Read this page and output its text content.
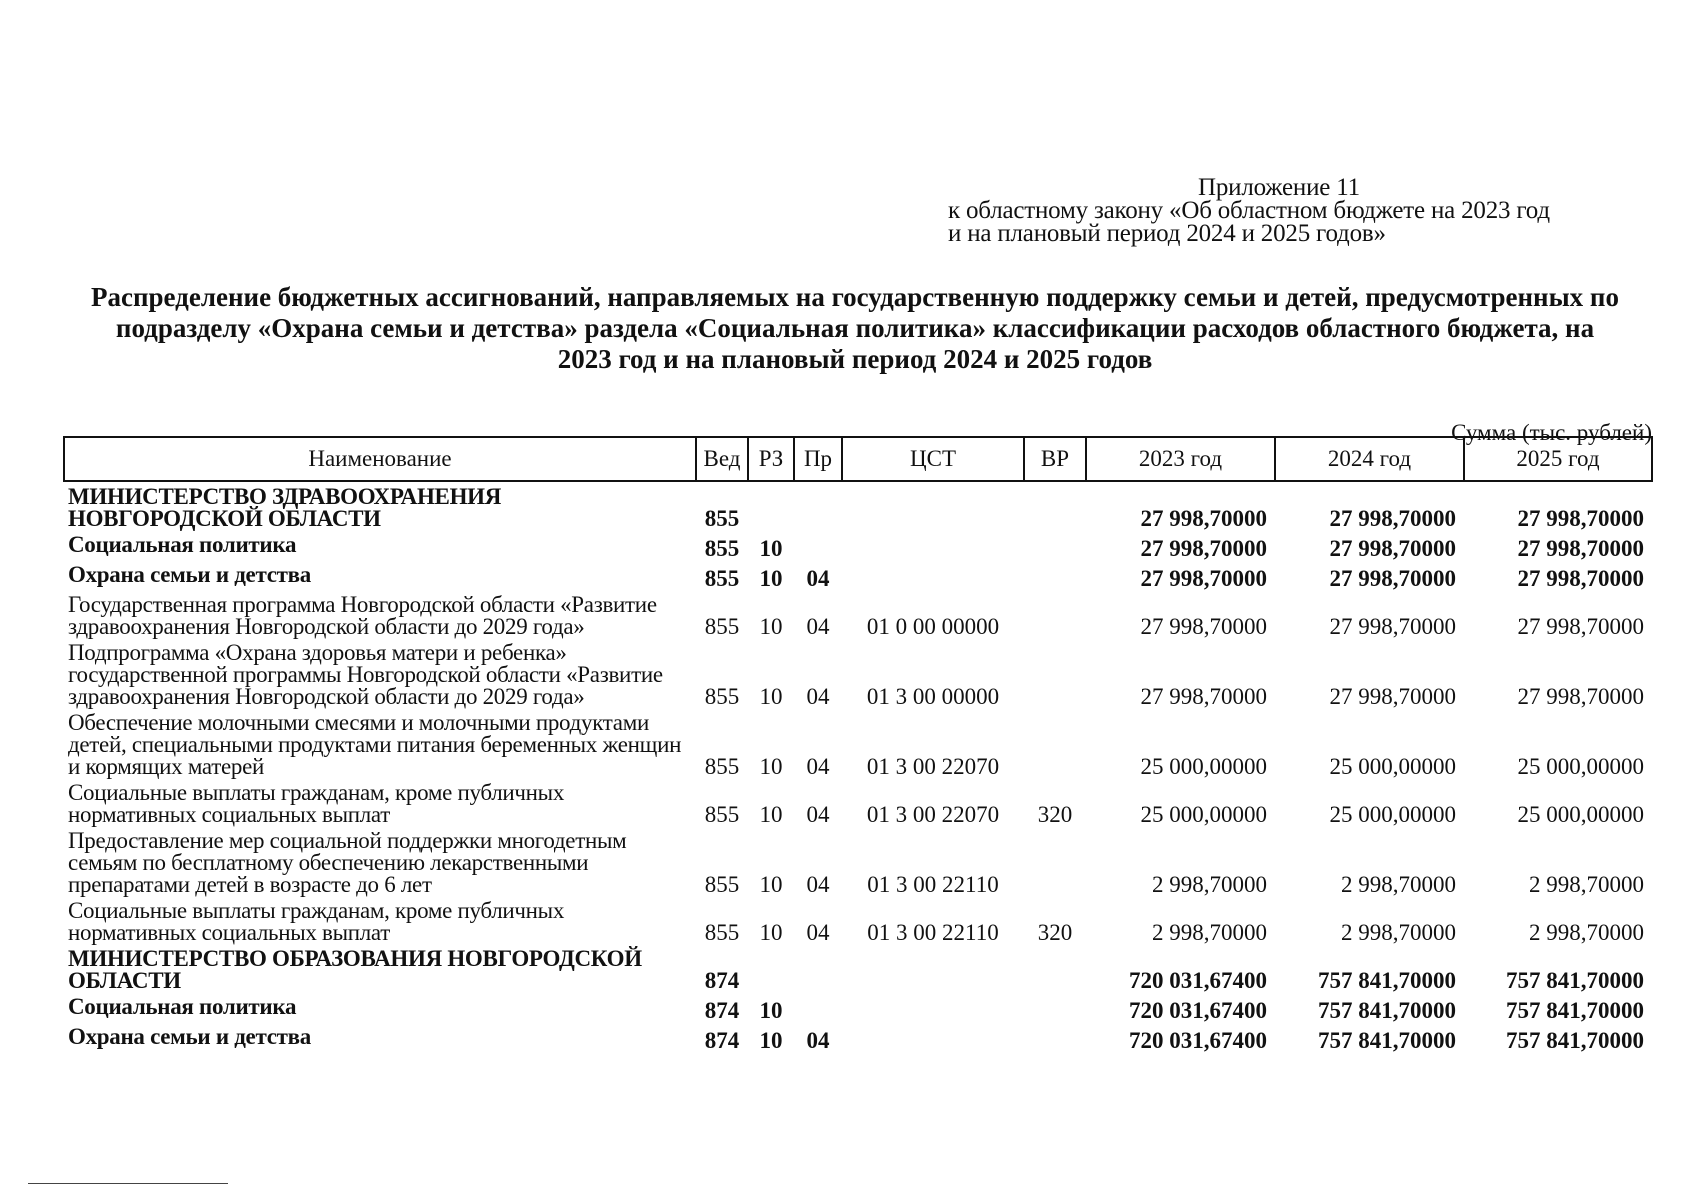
Приложение 11
к областному закону «Об областном бюджете на 2023 год
и на плановый период 2024 и 2025 годов»
Распределение бюджетных ассигнований, направляемых на государственную поддержку семьи и детей, предусмотренных по подразделу «Охрана семьи и детства» раздела «Социальная политика» классификации расходов областного бюджета, на 2023 год и на плановый период 2024 и 2025 годов
Сумма (тыс. рублей)
Наименование	Вед	РЗ	Пр	ЦСТ	ВР	2023 год	2024 год	2025 год
МИНИСТЕРСТВО ЗДРАВООХРАНЕНИЯ НОВГОРОДСКОЙ ОБЛАСТИ	855					27 998,70000	27 998,70000	27 998,70000
Социальная политика	855	10				27 998,70000	27 998,70000	27 998,70000
Охрана семьи и детства	855	10	04			27 998,70000	27 998,70000	27 998,70000
Государственная программа Новгородской области «Развитие здравоохранения Новгородской области до 2029 года»	855	10	04	01 0 00 00000		27 998,70000	27 998,70000	27 998,70000
Подпрограмма «Охрана здоровья матери и ребенка» государственной программы Новгородской области «Развитие здравоохранения Новгородской области до 2029 года»	855	10	04	01 3 00 00000		27 998,70000	27 998,70000	27 998,70000
Обеспечение молочными смесями и молочными продуктами детей, специальными продуктами питания беременных женщин и кормящих матерей	855	10	04	01 3 00 22070		25 000,00000	25 000,00000	25 000,00000
Социальные выплаты гражданам, кроме публичных нормативных социальных выплат	855	10	04	01 3 00 22070	320	25 000,00000	25 000,00000	25 000,00000
Предоставление мер социальной поддержки многодетным семьям по бесплатному обеспечению лекарственными препаратами детей в возрасте до 6 лет	855	10	04	01 3 00 22110		2 998,70000	2 998,70000	2 998,70000
Социальные выплаты гражданам, кроме публичных нормативных социальных выплат	855	10	04	01 3 00 22110	320	2 998,70000	2 998,70000	2 998,70000
МИНИСТЕРСТВО ОБРАЗОВАНИЯ НОВГОРОДСКОЙ ОБЛАСТИ	874					720 031,67400	757 841,70000	757 841,70000
Социальная политика	874	10				720 031,67400	757 841,70000	757 841,70000
Охрана семьи и детства	874	10	04			720 031,67400	757 841,70000	757 841,70000
